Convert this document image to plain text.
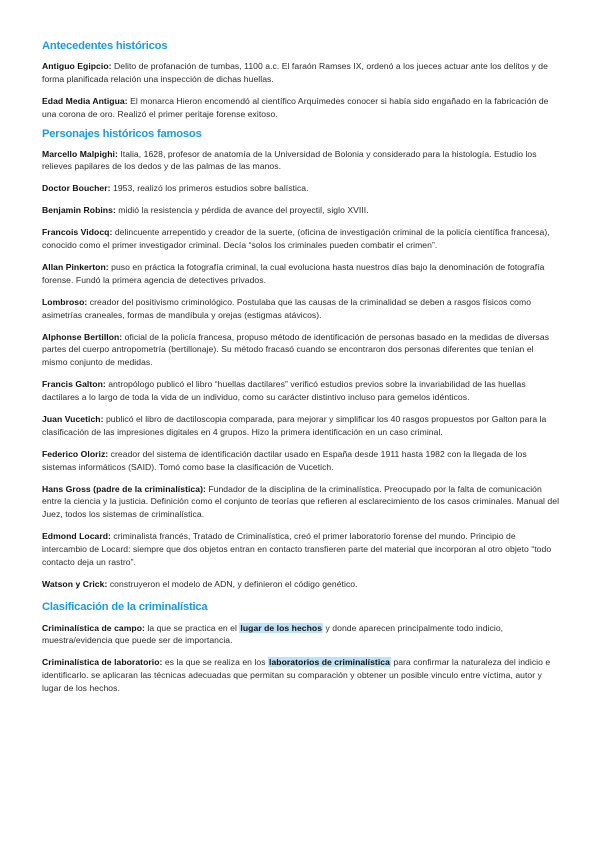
Antecedentes históricos

Antiguo Egipcio: Delito de profanación de tumbas, 1100 a.c. El faraón Ramses IX, ordenó a los jueces actuar ante los delitos y de forma planificada relación una inspección de dichas huellas.

Edad Media Antigua: El monarca Hieron encomendó al científico Arquímedes conocer si había sido engañado en la fabricación de una corona de oro. Realizó el primer peritaje forense exitoso.

Personajes históricos famosos

Marcello Malpighi: Italia, 1628, profesor de anatomía de la Universidad de Bolonia y considerado para la histología. Estudio los relieves papilares de los dedos y de las palmas de las manos.

Doctor Boucher: 1953, realizó los primeros estudios sobre balística.

Benjamin Robins: midió la resistencia y pérdida de avance del proyectil, siglo XVIII.

Francois Vidocq: delincuente arrepentido y creador de la suerte, (oficina de investigación criminal de la policía científica francesa), conocido como el primer investigador criminal. Decía “solos los criminales pueden combatir el crimen”.

Allan Pinkerton: puso en práctica la fotografía criminal, la cual evoluciona hasta nuestros días bajo la denominación de fotografía forense. Fundó la primera agencia de detectives privados.

Lombroso: creador del positivismo criminológico. Postulaba que las causas de la criminalidad se deben a rasgos físicos como asimetrías craneales, formas de mandíbula y orejas (estigmas atávicos).

Alphonse Bertillon: oficial de la policía francesa, propuso método de identificación de personas basado en la medidas de diversas partes del cuerpo antropometría (bertillonaje). Su método fracasó cuando se encontraron dos personas diferentes que tenían el mismo conjunto de medidas.

Francis Galton: antropólogo publicó el libro “huellas dactilares” verificó estudios previos sobre la invariabilidad de las huellas dactilares a lo largo de toda la vida de un individuo, como su carácter distintivo incluso para gemelos idénticos.

Juan Vucetich: publicó el libro de dactiloscopia comparada, para mejorar y simplificar los 40 rasgos propuestos por Galton para la clasificación de las impresiones digitales en 4 grupos. Hizo la primera identificación en un caso criminal.

Federico Oloriz: creador del sistema de identificación dactilar usado en España desde 1911 hasta 1982 con la llegada de los sistemas informáticos (SAID). Tomó como base la clasificación de Vucetich.

Hans Gross (padre de la criminalística): Fundador de la disciplina de la criminalística. Preocupado por la falta de comunicación entre la ciencia y la justicia. Definición como el conjunto de teorías que refieren al esclarecimiento de los casos criminales. Manual del Juez, todos los sistemas de criminalística.

Edmond Locard: criminalista francés, Tratado de Criminalística, creó el primer laboratorio forense del mundo. Principio de intercambio de Locard: siempre que dos objetos entran en contacto transfieren parte del material que incorporan al otro objeto “todo contacto deja un rastro”.

Watson y Crick: construyeron el modelo de ADN, y definieron el código genético.

Clasificación de la criminalística

Criminalística de campo: la que se practica en el lugar de los hechos y donde aparecen principalmente todo indicio, muestra/evidencia que puede ser de importancia.

Criminalística de laboratorio: es la que se realiza en los laboratorios de criminalística para confirmar la naturaleza del indicio e identificarlo. se aplicaran las técnicas adecuadas que permitan su comparación y obtener un posible vinculo entre víctima, autor y lugar de los hechos.
